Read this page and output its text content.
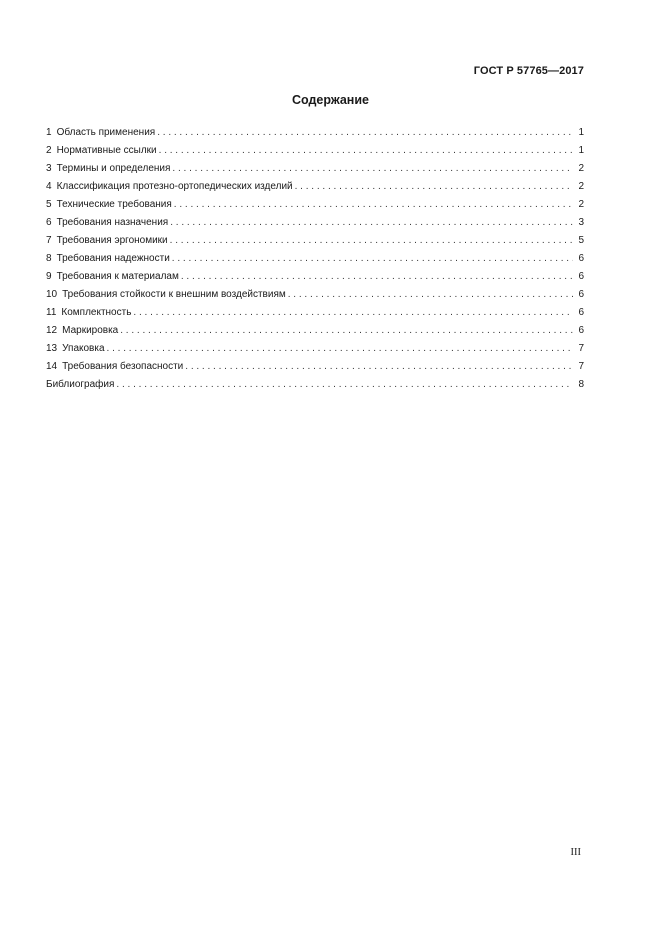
ГОСТ Р 57765—2017
Содержание
1 Область применения . . .	1
2 Нормативные ссылки . . .	1
3 Термины и определения . . .	2
4 Классификация протезно-ортопедических изделий . . .	2
5 Технические требования . . .	2
6 Требования назначения . . .	3
7 Требования эргономики . . .	5
8 Требования надежности . . .	6
9 Требования к материалам . . .	6
10 Требования стойкости к внешним воздействиям . . .	6
11 Комплектность . . .	6
12 Маркировка . . .	6
13 Упаковка . . .	7
14 Требования безопасности . . .	7
Библиография . . .	8
III
